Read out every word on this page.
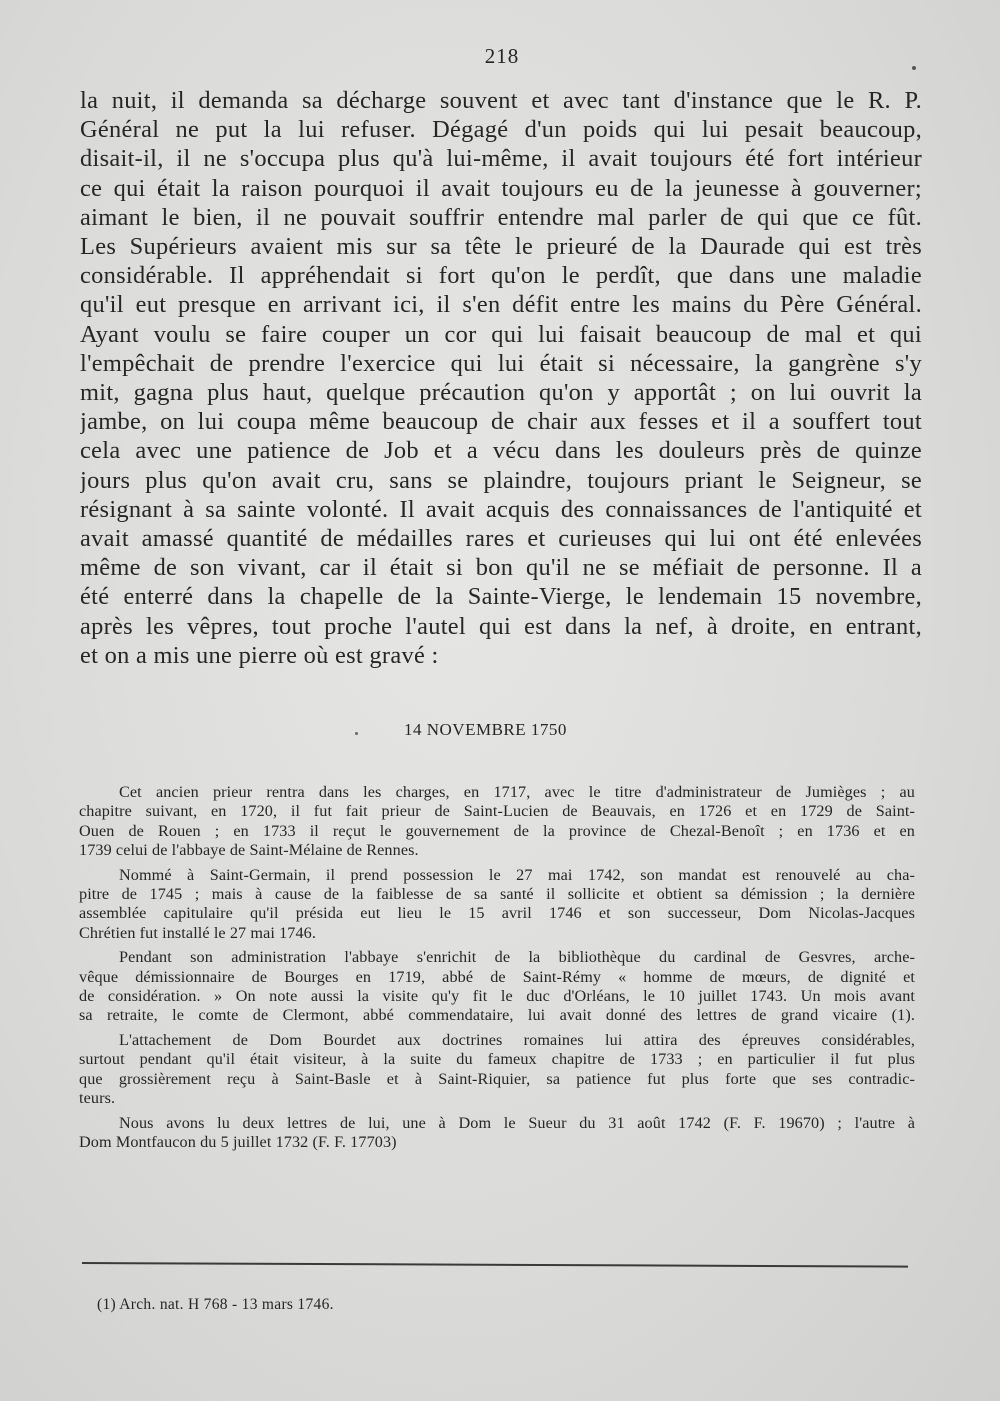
218
la nuit, il demanda sa décharge souvent et avec tant d'instance que le R. P.
Général ne put la lui refuser. Dégagé d'un poids qui lui pesait beaucoup,
disait-il, il ne s'occupa plus qu'à lui-même, il avait toujours été fort intérieur
ce qui était la raison pourquoi il avait toujours eu de la jeunesse à gouverner;
aimant le bien, il ne pouvait souffrir entendre mal parler de qui que ce fût.
Les Supérieurs avaient mis sur sa tête le prieuré de la Daurade qui est très
considérable. Il appréhendait si fort qu'on le perdît, que dans une maladie
qu'il eut presque en arrivant ici, il s'en défit entre les mains du Père Général.
Ayant voulu se faire couper un cor qui lui faisait beaucoup de mal et qui
l'empêchait de prendre l'exercice qui lui était si nécessaire, la gangrène s'y
mit, gagna plus haut, quelque précaution qu'on y apportât ; on lui ouvrit la
jambe, on lui coupa même beaucoup de chair aux fesses et il a souffert tout
cela avec une patience de Job et a vécu dans les douleurs près de quinze
jours plus qu'on avait cru, sans se plaindre, toujours priant le Seigneur, se
résignant à sa sainte volonté. Il avait acquis des connaissances de l'antiquité et
avait amassé quantité de médailles rares et curieuses qui lui ont été enlevées
même de son vivant, car il était si bon qu'il ne se méfiait de personne. Il a
été enterré dans la chapelle de la Sainte-Vierge, le lendemain 15 novembre,
après les vêpres, tout proche l'autel qui est dans la nef, à droite, en entrant,
et on a mis une pierre où est gravé :
14 NOVEMBRE 1750
Cet ancien prieur rentra dans les charges, en 1717, avec le titre d'administrateur de Jumièges ; au
chapitre suivant, en 1720, il fut fait prieur de Saint-Lucien de Beauvais, en 1726 et en 1729 de Saint-
Ouen de Rouen ; en 1733 il reçut le gouvernement de la province de Chezal-Benoît ; en 1736 et en
1739 celui de l'abbaye de Saint-Mélaine de Rennes.
Nommé à Saint-Germain, il prend possession le 27 mai 1742, son mandat est renouvelé au cha-
pitre de 1745 ; mais à cause de la faiblesse de sa santé il sollicite et obtient sa démission ; la dernière
assemblée capitulaire qu'il présida eut lieu le 15 avril 1746 et son successeur, Dom Nicolas-Jacques
Chrétien fut installé le 27 mai 1746.
Pendant son administration l'abbaye s'enrichit de la bibliothèque du cardinal de Gesvres, arche-
vêque démissionnaire de Bourges en 1719, abbé de Saint-Rémy « homme de mœurs, de dignité et
de considération. » On note aussi la visite qu'y fit le duc d'Orléans, le 10 juillet 1743. Un mois avant
sa retraite, le comte de Clermont, abbé commendataire, lui avait donné des lettres de grand vicaire (1).
L'attachement de Dom Bourdet aux doctrines romaines lui attira des épreuves considérables,
surtout pendant qu'il était visiteur, à la suite du fameux chapitre de 1733 ; en particulier il fut plus
que grossièrement reçu à Saint-Basle et à Saint-Riquier, sa patience fut plus forte que ses contradic-
teurs.
Nous avons lu deux lettres de lui, une à Dom le Sueur du 31 août 1742 (F. F. 19670) ; l'autre à
Dom Montfaucon du 5 juillet 1732 (F. F. 17703)
(1) Arch. nat. H 768 - 13 mars 1746.
